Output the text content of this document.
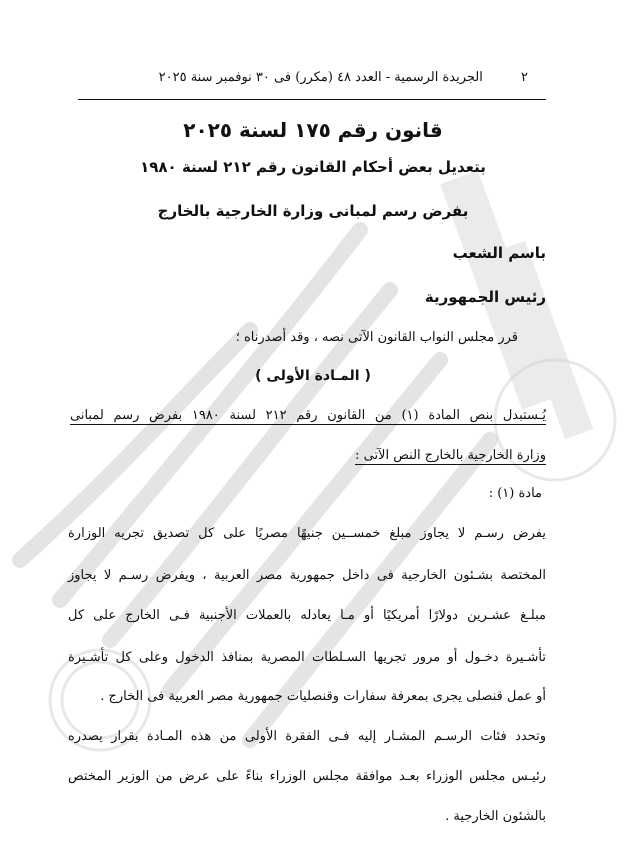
٢ الجريدة الرسمية - العدد ٤٨ (مكرر) فى ٣٠ نوفمبر سنة ٢٠٢٥
قانون رقم ١٧٥ لسنة ٢٠٢٥
بتعديل بعض أحكام القانون رقم ٢١٢ لسنة ١٩٨٠
بفرض رسم لمبانى وزارة الخارجية بالخارج
باسم الشعب
رئيس الجمهورية
قرر مجلس النواب القانون الآتى نصه ، وقد أصدرناه ؛
( المـادة الأولى )
يُـستبدل بنص المادة (١) من القانون رقم ٢١٢ لسنة ١٩٨٠ بفرض رسم لمبانى
وزارة الخارجية بالخارج النص الآتى :
مادة (١) :
يفرض رسـم لا يجاوز مبلغ خمســين جنيهًا مصريًا على كل تصديق تجريه الوزارة
المختصة بشـئون الخارجية فى داخل جمهورية مصر العربية ، ويفرض رسـم لا يجاوز
مبلـغ عشـرين دولارًا أمريكيًا أو مـا يعادله بالعملات الأجنبية فـى الخارج على كل
تأشـيرة دخـول أو مرور تجريها السـلطات المصرية بمنافذ الدخول وعلى كل تأشـيرة
أو عمل قنصلى يجرى بمعرفة سفارات وقنصليات جمهورية مصر العربية فى الخارج .
وتحدد فئات الرسـم المشـار إليه فـى الفقرة الأولى من هذه المـادة بقرار يصدره
رئيـس مجلس الوزراء بعـد موافقة مجلس الوزراء بناءً على عرض من الوزير المختص
بالشئون الخارجية .
